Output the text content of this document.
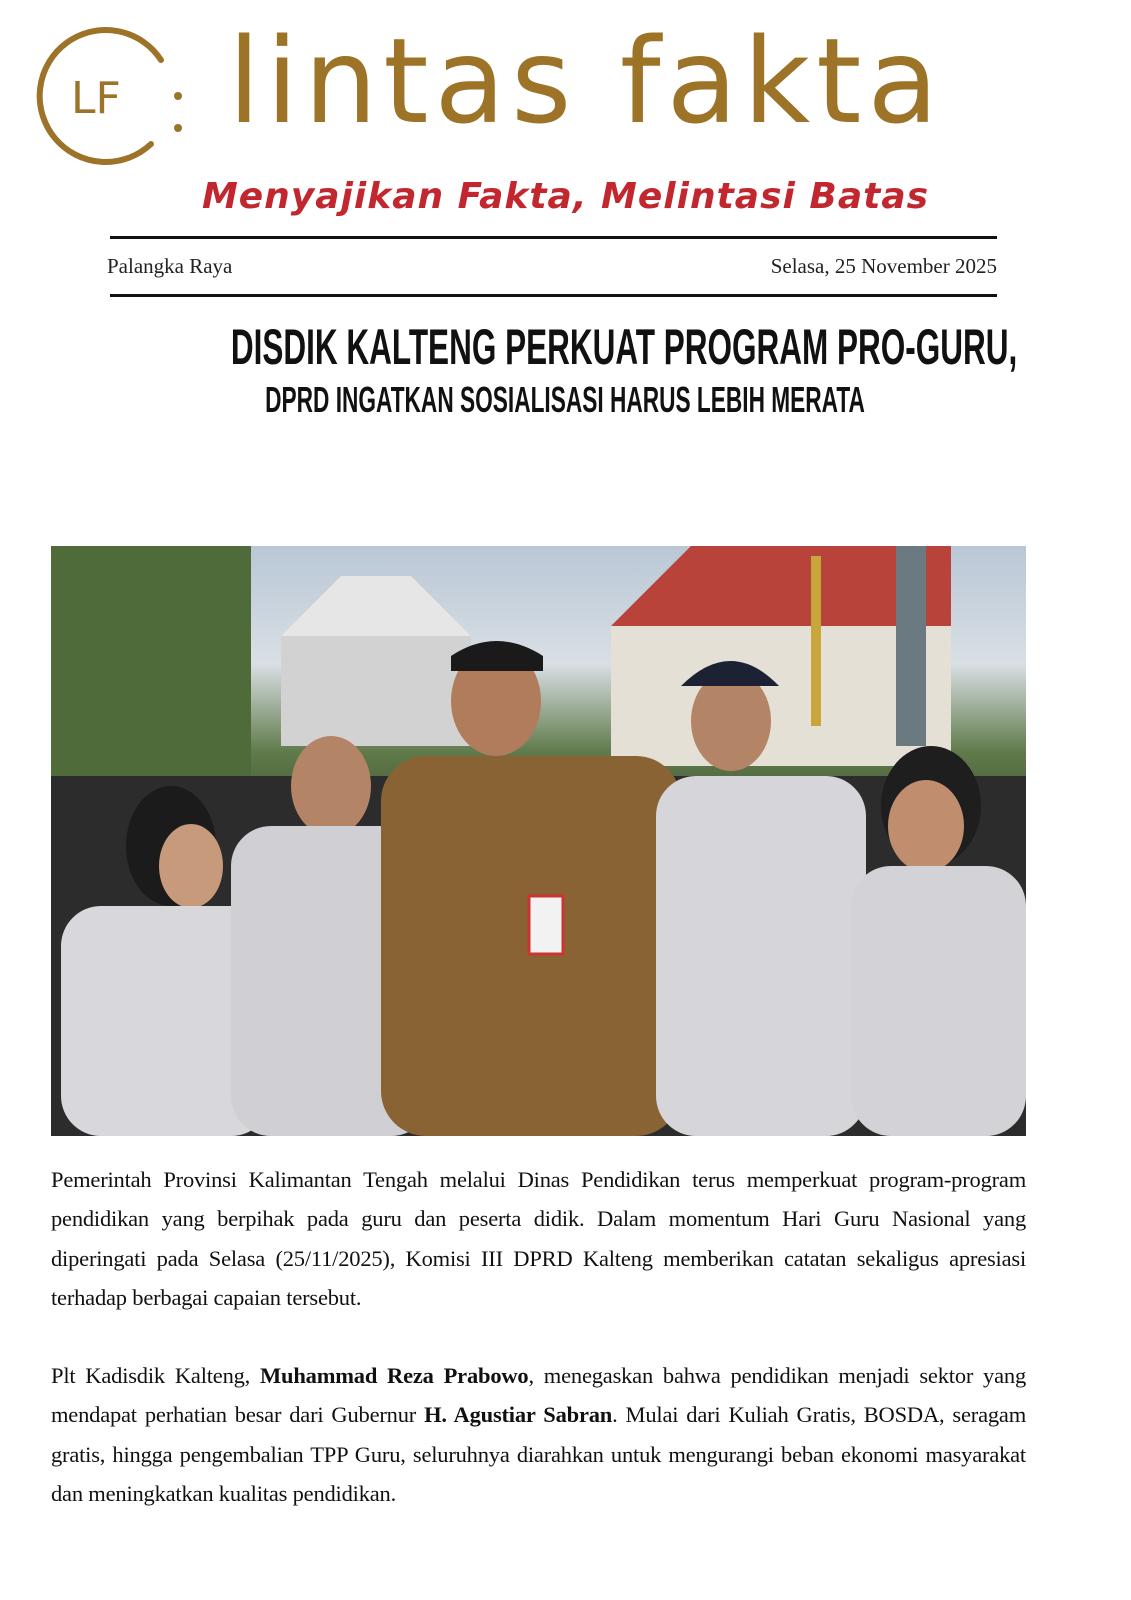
LF lintas fakta
Menyajikan Fakta, Melintasi Batas
Palangka Raya	Selasa, 25 November 2025
DISDIK KALTENG PERKUAT PROGRAM PRO-GURU,
DPRD INGATKAN SOSIALISASI HARUS LEBIH MERATA

Pemerintah Provinsi Kalimantan Tengah melalui Dinas Pendidikan terus memperkuat program-program pendidikan yang berpihak pada guru dan peserta didik. Dalam momentum Hari Guru Nasional yang diperingati pada Selasa (25/11/2025), Komisi III DPRD Kalteng memberikan catatan sekaligus apresiasi terhadap berbagai capaian tersebut.

Plt Kadisdik Kalteng, Muhammad Reza Prabowo, menegaskan bahwa pendidikan menjadi sektor yang mendapat perhatian besar dari Gubernur H. Agustiar Sabran. Mulai dari Kuliah Gratis, BOSDA, seragam gratis, hingga pengembalian TPP Guru, seluruhnya diarahkan untuk mengurangi beban ekonomi masyarakat dan meningkatkan kualitas pendidikan.
